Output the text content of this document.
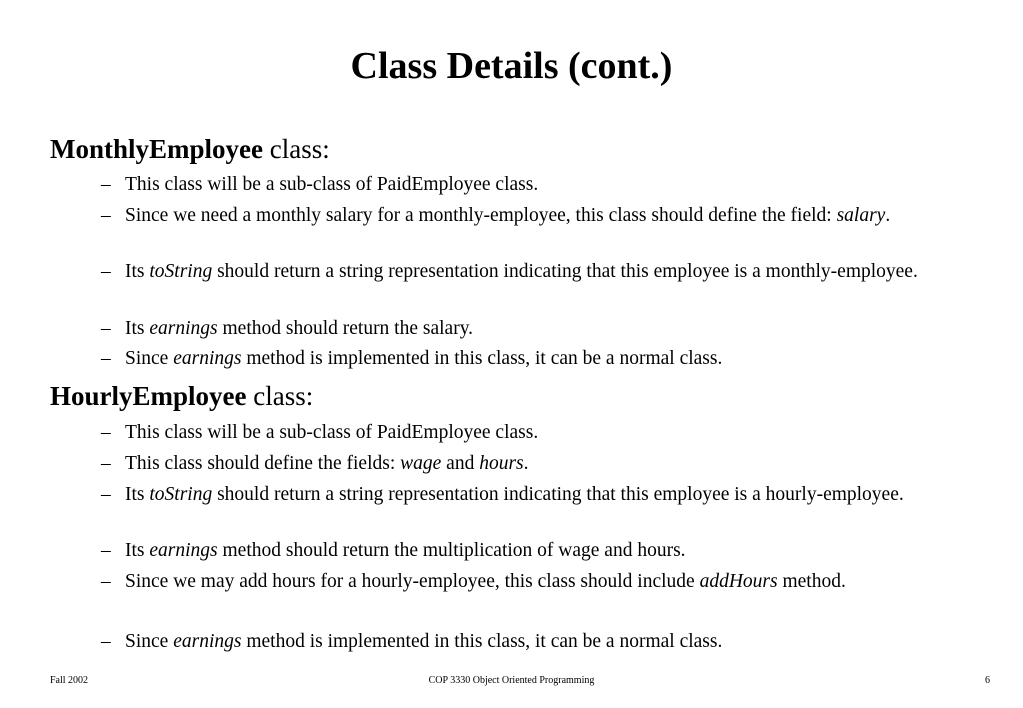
Class Details (cont.)
MonthlyEmployee class:
– This class will be a sub-class of PaidEmployee class.
– Since we need a monthly salary for a monthly-employee, this class should define the field: salary.
– Its toString should return a string representation indicating that this employee is a monthly-employee.
– Its earnings method should return the salary.
– Since earnings method is implemented in this class, it can be a normal class.
HourlyEmployee class:
– This class will be a sub-class of PaidEmployee class.
– This class should define the fields: wage and hours.
– Its toString should return a string representation indicating that this employee is a hourly-employee.
– Its earnings method should return the multiplication of wage and hours.
– Since we may add hours for a hourly-employee, this class should include addHours method.
– Since earnings method is implemented in this class, it can be a normal class.
Fall 2002	COP 3330 Object Oriented Programming	6
